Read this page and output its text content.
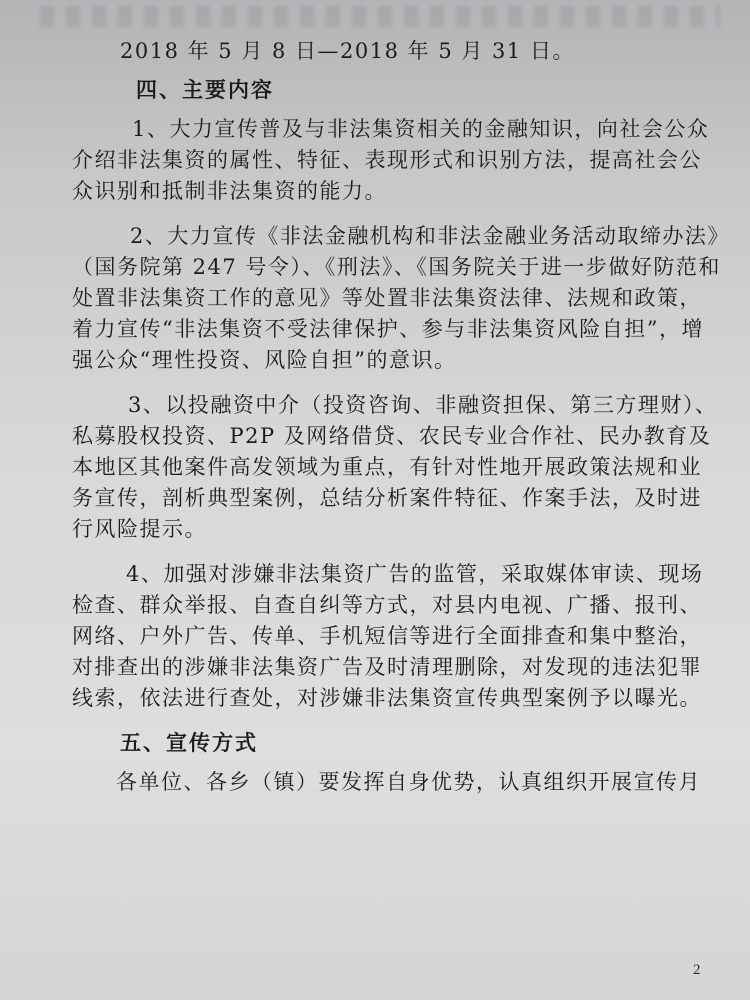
2018 年 5 月 8 日—2018 年 5 月 31 日。
四、主要内容
1、大力宣传普及与非法集资相关的金融知识，向社会公众
介绍非法集资的属性、特征、表现形式和识别方法，提高社会公
众识别和抵制非法集资的能力。
2、大力宣传《非法金融机构和非法金融业务活动取缔办法》
（国务院第 247 号令）、《刑法》、《国务院关于进一步做好防范和
处置非法集资工作的意见》等处置非法集资法律、法规和政策，
着力宣传“非法集资不受法律保护、参与非法集资风险自担”，增
强公众“理性投资、风险自担”的意识。
3、以投融资中介（投资咨询、非融资担保、第三方理财）、
私募股权投资、P2P 及网络借贷、农民专业合作社、民办教育及
本地区其他案件高发领域为重点，有针对性地开展政策法规和业
务宣传，剖析典型案例，总结分析案件特征、作案手法，及时进
行风险提示。
4、加强对涉嫌非法集资广告的监管，采取媒体审读、现场
检查、群众举报、自查自纠等方式，对县内电视、广播、报刊、
网络、户外广告、传单、手机短信等进行全面排查和集中整治，
对排查出的涉嫌非法集资广告及时清理删除，对发现的违法犯罪
线索，依法进行查处，对涉嫌非法集资宣传典型案例予以曝光。
五、宣传方式
各单位、各乡（镇）要发挥自身优势，认真组织开展宣传月
2
